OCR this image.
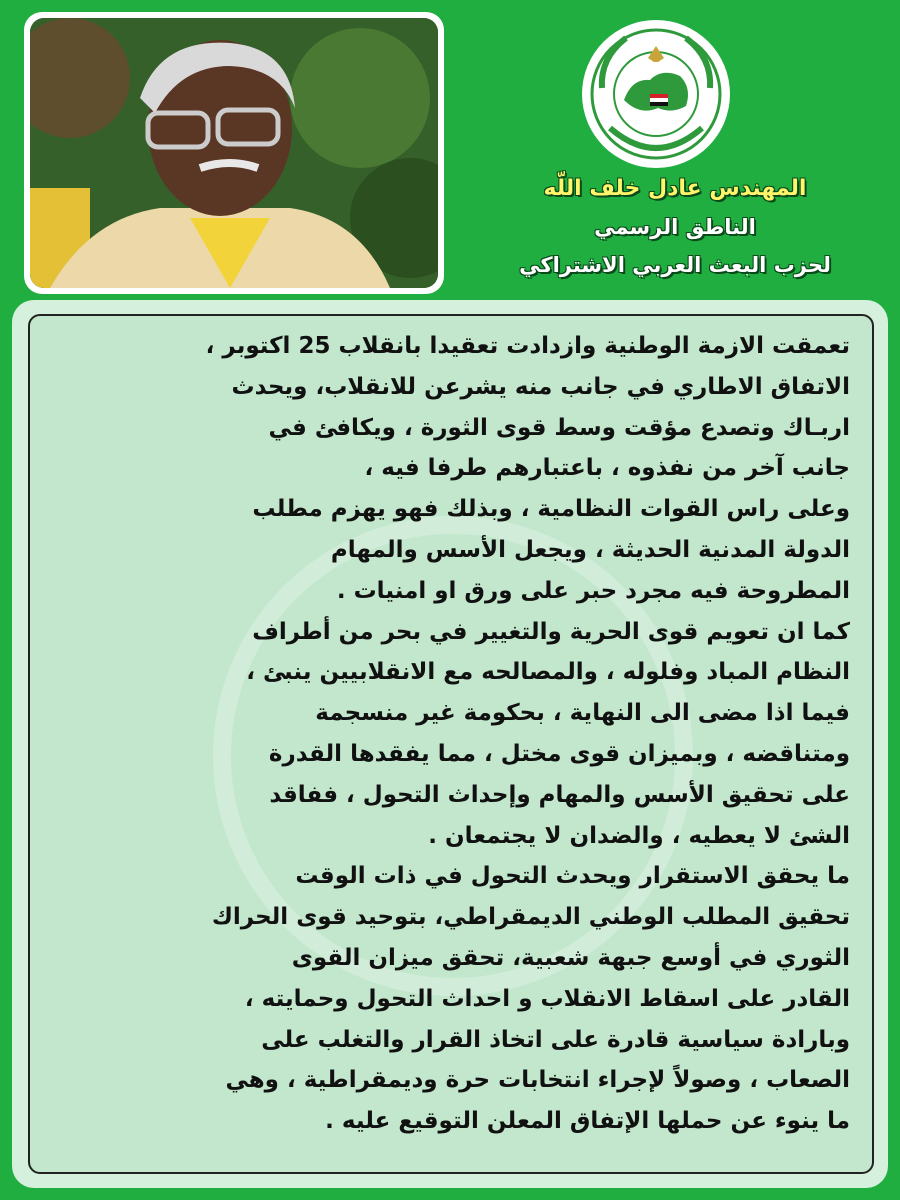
المهندس عادل خلف اللّه
الناطق الرسمي
لحزب البعث العربي الاشتراكي
تعمقت الازمة الوطنية وازدادت تعقيدا بانقلاب 25 اكتوبر ،
الاتفاق الاطاري في جانب منه يشرعن للانقلاب، ويحدث
اربـاك وتصدع مؤقت وسط قوى الثورة ، ويكافئ في
جانب آخر من نفذوه ، باعتبارهم طرفا فيه ،
وعلى راس القوات النظامية ، وبذلك فهو يهزم مطلب
الدولة المدنية الحديثة ، ويجعل الأسس والمهام
المطروحة فيه مجرد حبر على ورق او امنيات .
كما ان تعويم قوى الحرية والتغيير في بحر من أطراف
النظام المباد وفلوله ، والمصالحه مع الانقلابيين ينبئ ،
فيما اذا مضى الى النهاية ، بحكومة غير منسجمة
ومتناقضه ، وبميزان قوى مختل ، مما يفقدها القدرة
على تحقيق الأسس والمهام وإحداث التحول ، ففاقد
الشئ لا يعطيه ، والضدان لا يجتمعان .
ما يحقق الاستقرار ويحدث التحول في ذات الوقت
تحقيق المطلب الوطني الديمقراطي، بتوحيد قوى الحراك
الثوري في أوسع جبهة شعبية، تحقق ميزان القوى
القادر على اسقاط الانقلاب و احداث التحول وحمايته ،
وبارادة سياسية قادرة على اتخاذ القرار والتغلب على
الصعاب ، وصولاً لإجراء انتخابات حرة وديمقراطية ، وهي
ما ينوء عن حملها الإتفاق المعلن التوقيع عليه .
